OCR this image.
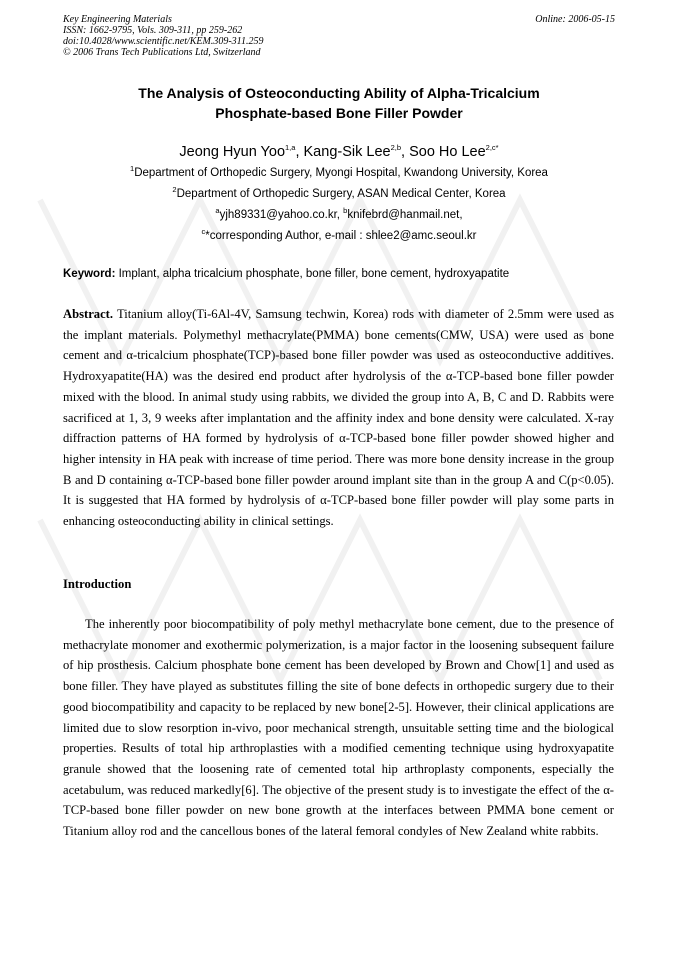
Key Engineering Materials
ISSN: 1662-9795, Vols. 309-311, pp 259-262
doi:10.4028/www.scientific.net/KEM.309-311.259
© 2006 Trans Tech Publications Ltd, Switzerland
Online: 2006-05-15
The Analysis of Osteoconducting Ability of Alpha-Tricalcium
Phosphate-based Bone Filler Powder
Jeong Hyun Yoo$^{1,a}$, Kang-Sik Lee$^{2,b}$, Soo Ho Lee$^{2,c*}$
$^1$Department of Orthopedic Surgery, Myongi Hospital, Kwandong University, Korea
$^2$Department of Orthopedic Surgery, ASAN Medical Center, Korea
$^a$yjh89331@yahoo.co.kr, $^b$knifebrd@hanmail.net,
$^c$*corresponding Author, e-mail : shlee2@amc.seoul.kr
Keyword: Implant, alpha tricalcium phosphate, bone filler, bone cement, hydroxyapatite
Abstract. Titanium alloy(Ti-6Al-4V, Samsung techwin, Korea) rods with diameter of 2.5mm were used as the implant materials. Polymethyl methacrylate(PMMA) bone cements(CMW, USA) were used as bone cement and α-tricalcium phosphate(TCP)-based bone filler powder was used as osteoconductive additives. Hydroxyapatite(HA) was the desired end product after hydrolysis of the α-TCP-based bone filler powder mixed with the blood. In animal study using rabbits, we divided the group into A, B, C and D. Rabbits were sacrificed at 1, 3, 9 weeks after implantation and the affinity index and bone density were calculated. X-ray diffraction patterns of HA formed by hydrolysis of α-TCP-based bone filler powder showed higher and higher intensity in HA peak with increase of time period. There was more bone density increase in the group B and D containing α-TCP-based bone filler powder around implant site than in the group A and C(p<0.05). It is suggested that HA formed by hydrolysis of α-TCP-based bone filler powder will play some parts in enhancing osteoconducting ability in clinical settings.
Introduction
The inherently poor biocompatibility of poly methyl methacrylate bone cement, due to the presence of methacrylate monomer and exothermic polymerization, is a major factor in the loosening subsequent failure of hip prosthesis. Calcium phosphate bone cement has been developed by Brown and Chow[1] and used as bone filler. They have played as substitutes filling the site of bone defects in orthopedic surgery due to their good biocompatibility and capacity to be replaced by new bone[2-5]. However, their clinical applications are limited due to slow resorption in-vivo, poor mechanical strength, unsuitable setting time and the biological properties. Results of total hip arthroplasties with a modified cementing technique using hydroxyapatite granule showed that the loosening rate of cemented total hip arthroplasty components, especially the acetabulum, was reduced markedly[6]. The objective of the present study is to investigate the effect of the α-TCP-based bone filler powder on new bone growth at the interfaces between PMMA bone cement or Titanium alloy rod and the cancellous bones of the lateral femoral condyles of New Zealand white rabbits.
